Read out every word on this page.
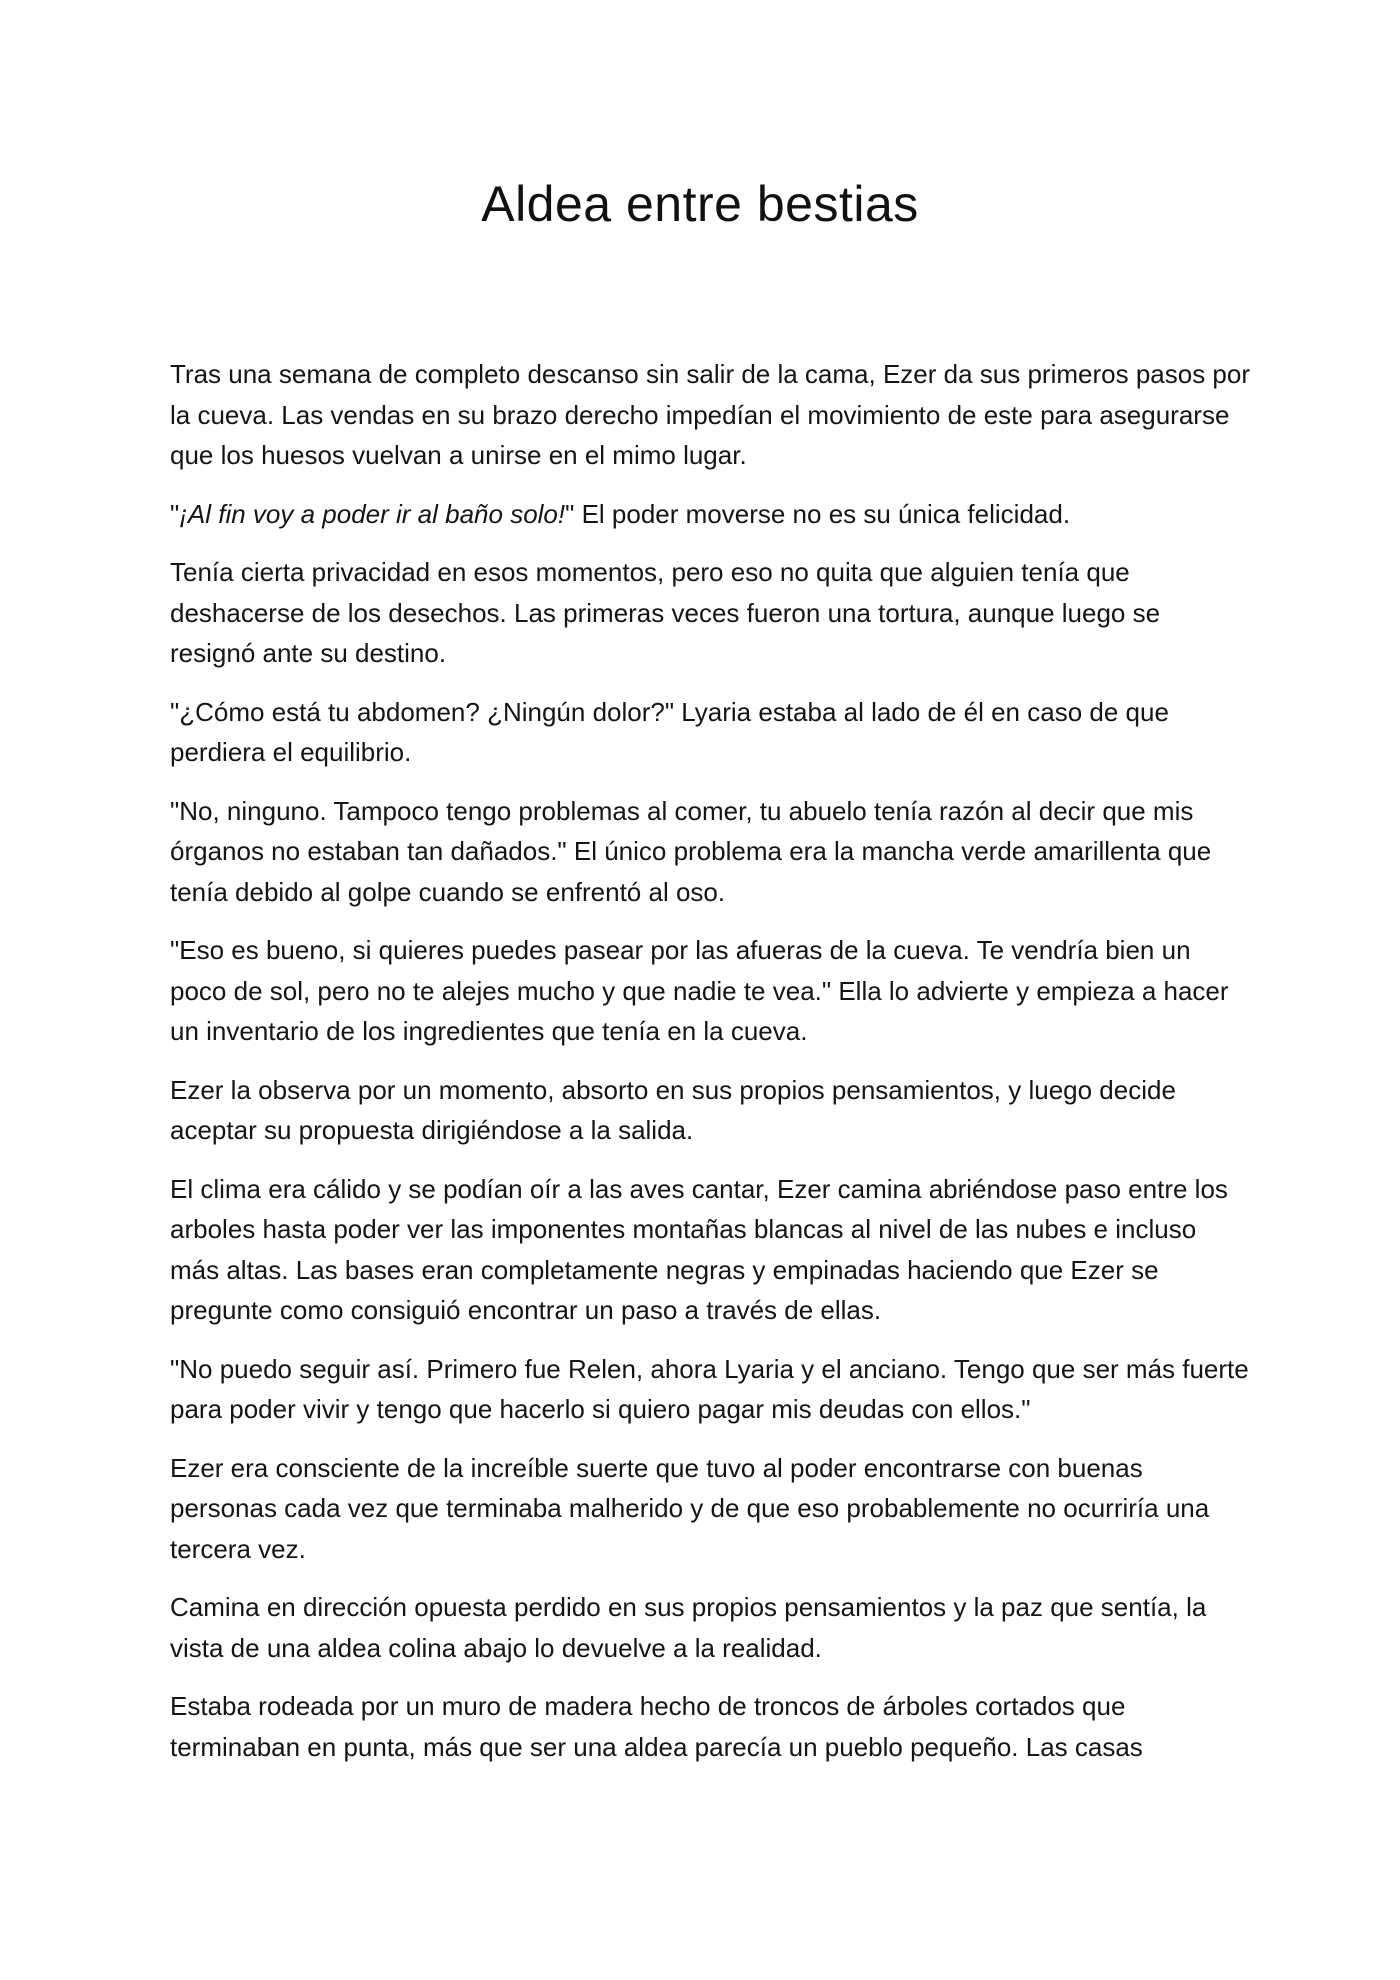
Aldea entre bestias

Tras una semana de completo descanso sin salir de la cama, Ezer da sus primeros pasos por la cueva. Las vendas en su brazo derecho impedían el movimiento de este para asegurarse que los huesos vuelvan a unirse en el mimo lugar.

"¡Al fin voy a poder ir al baño solo!" El poder moverse no es su única felicidad.

Tenía cierta privacidad en esos momentos, pero eso no quita que alguien tenía que deshacerse de los desechos. Las primeras veces fueron una tortura, aunque luego se resignó ante su destino.

"¿Cómo está tu abdomen? ¿Ningún dolor?" Lyaria estaba al lado de él en caso de que perdiera el equilibrio.

"No, ninguno. Tampoco tengo problemas al comer, tu abuelo tenía razón al decir que mis órganos no estaban tan dañados." El único problema era la mancha verde amarillenta que tenía debido al golpe cuando se enfrentó al oso.

"Eso es bueno, si quieres puedes pasear por las afueras de la cueva. Te vendría bien un poco de sol, pero no te alejes mucho y que nadie te vea." Ella lo advierte y empieza a hacer un inventario de los ingredientes que tenía en la cueva.

Ezer la observa por un momento, absorto en sus propios pensamientos, y luego decide aceptar su propuesta dirigiéndose a la salida.

El clima era cálido y se podían oír a las aves cantar, Ezer camina abriéndose paso entre los arboles hasta poder ver las imponentes montañas blancas al nivel de las nubes e incluso más altas. Las bases eran completamente negras y empinadas haciendo que Ezer se pregunte como consiguió encontrar un paso a través de ellas.

"No puedo seguir así. Primero fue Relen, ahora Lyaria y el anciano. Tengo que ser más fuerte para poder vivir y tengo que hacerlo si quiero pagar mis deudas con ellos."

Ezer era consciente de la increíble suerte que tuvo al poder encontrarse con buenas personas cada vez que terminaba malherido y de que eso probablemente no ocurriría una tercera vez.

Camina en dirección opuesta perdido en sus propios pensamientos y la paz que sentía, la vista de una aldea colina abajo lo devuelve a la realidad.

Estaba rodeada por un muro de madera hecho de troncos de árboles cortados que terminaban en punta, más que ser una aldea parecía un pueblo pequeño. Las casas
